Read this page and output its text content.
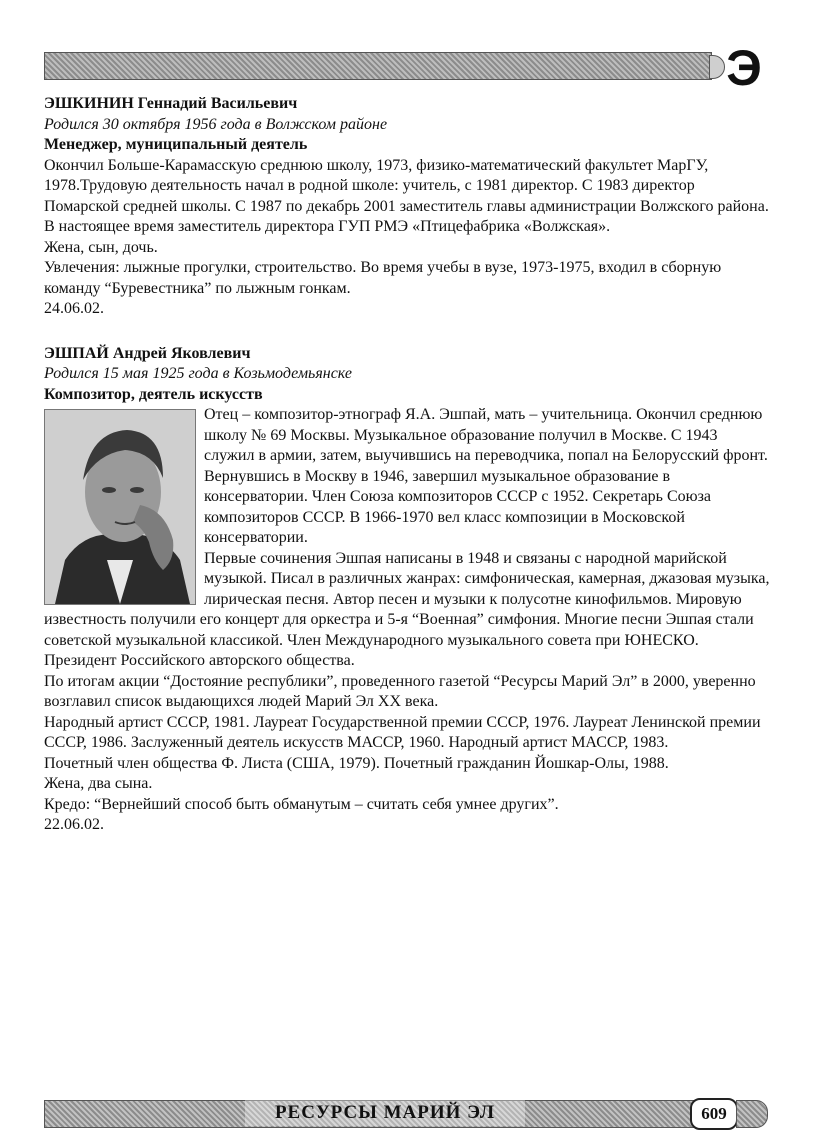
Э
ЭШКИНИН Геннадий Васильевич
Родился 30 октября 1956 года в Волжском районе
Менеджер, муниципальный деятель

Окончил Больше-Карамасскую среднюю школу, 1973, физико-математический факультет МарГУ, 1978.Трудовую деятельность начал в родной школе: учитель, с 1981 директор. С 1983 директор Помарской средней школы. С 1987 по декабрь 2001 заместитель главы администрации Волжского района. В настоящее время заместитель директора ГУП РМЭ «Птицефабрика «Волжская».

Жена, сын, дочь.

Увлечения: лыжные прогулки, строительство. Во время учебы в вузе, 1973-1975, входил в сборную команду “Буревестника” по лыжным гонкам.

24.06.02.

ЭШПАЙ Андрей Яковлевич
Родился 15 мая 1925 года в Козьмодемьянске
Композитор, деятель искусств

Отец – композитор-этнограф Я.А. Эшпай, мать – учительница. Окончил среднюю школу № 69 Москвы. Музыкальное образование получил в Москве. С 1943 служил в армии, затем, выучившись на переводчика, попал на Белорусский фронт. Вернувшись в Москву в 1946, завершил музыкальное образование в консерватории. Член Союза композиторов СССР с 1952. Секретарь Союза композиторов СССР. В 1966-1970 вел класс композиции в Московской консерватории.

Первые сочинения Эшпая написаны в 1948 и связаны с народной марийской музыкой. Писал в различных жанрах: симфоническая, камерная, джазовая музыка, лирическая песня. Автор песен и музыки к полусотне кинофильмов. Мировую известность получили его концерт для оркестра и 5-я “Военная” симфония. Многие песни Эшпая стали советской музыкальной классикой. Член Международного музыкального совета при ЮНЕСКО. Президент Российского авторского общества.

По итогам акции “Достояние республики”, проведенного газетой “Ресурсы Марий Эл” в 2000, уверенно возглавил список выдающихся людей Марий Эл XX века.

Народный артист СССР, 1981. Лауреат Государственной премии СССР, 1976. Лауреат Ленинской премии СССР, 1986. Заслуженный деятель искусств МАССР, 1960. Народный артист МАССР, 1983.

Почетный член общества Ф. Листа (США, 1979). Почетный гражданин Йошкар-Олы, 1988.

Жена, два сына.

Кредо: “Вернейший способ быть обманутым – считать себя умнее других”.

22.06.02.

РЕСУРСЫ МАРИЙ ЭЛ	609
